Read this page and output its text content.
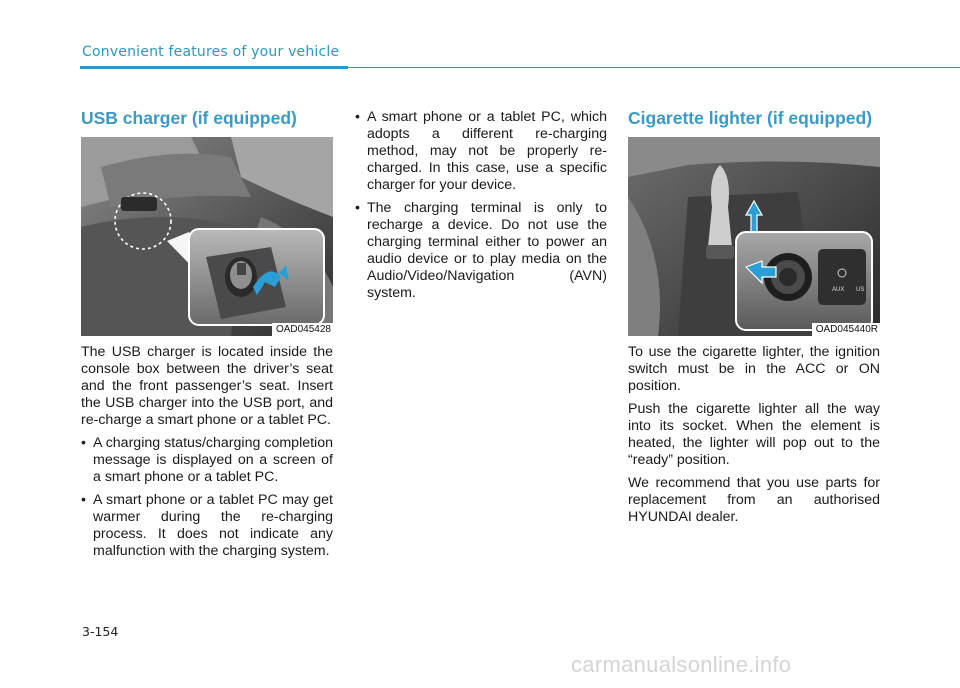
Convenient features of your vehicle
USB charger (if equipped)
OAD045428

The USB charger is located inside the console box between the driver’s seat and the front passenger’s seat. Insert the USB charger into the USB port, and re-charge a smart phone or a tablet PC.

• A charging status/charging completion message is displayed on a screen of a smart phone or a tablet PC.
• A smart phone or a tablet PC may get warmer during the re-charging process. It does not indicate any malfunction with the charging system.
• A smart phone or a tablet PC, which adopts a different re-charging method, may not be properly re-charged. In this case, use a specific charger for your device.
• The charging terminal is only to recharge a device. Do not use the charging terminal either to power an audio device or to play media on the Audio/Video/Navigation (AVN) system.
Cigarette lighter (if equipped)
AUX US
OAD045440R

To use the cigarette lighter, the ignition switch must be in the ACC or ON position.

Push the cigarette lighter all the way into its socket. When the element is heated, the lighter will pop out to the “ready” position.

We recommend that you use parts for replacement from an authorised HYUNDAI dealer.

3-154
carmanualsonline.info
